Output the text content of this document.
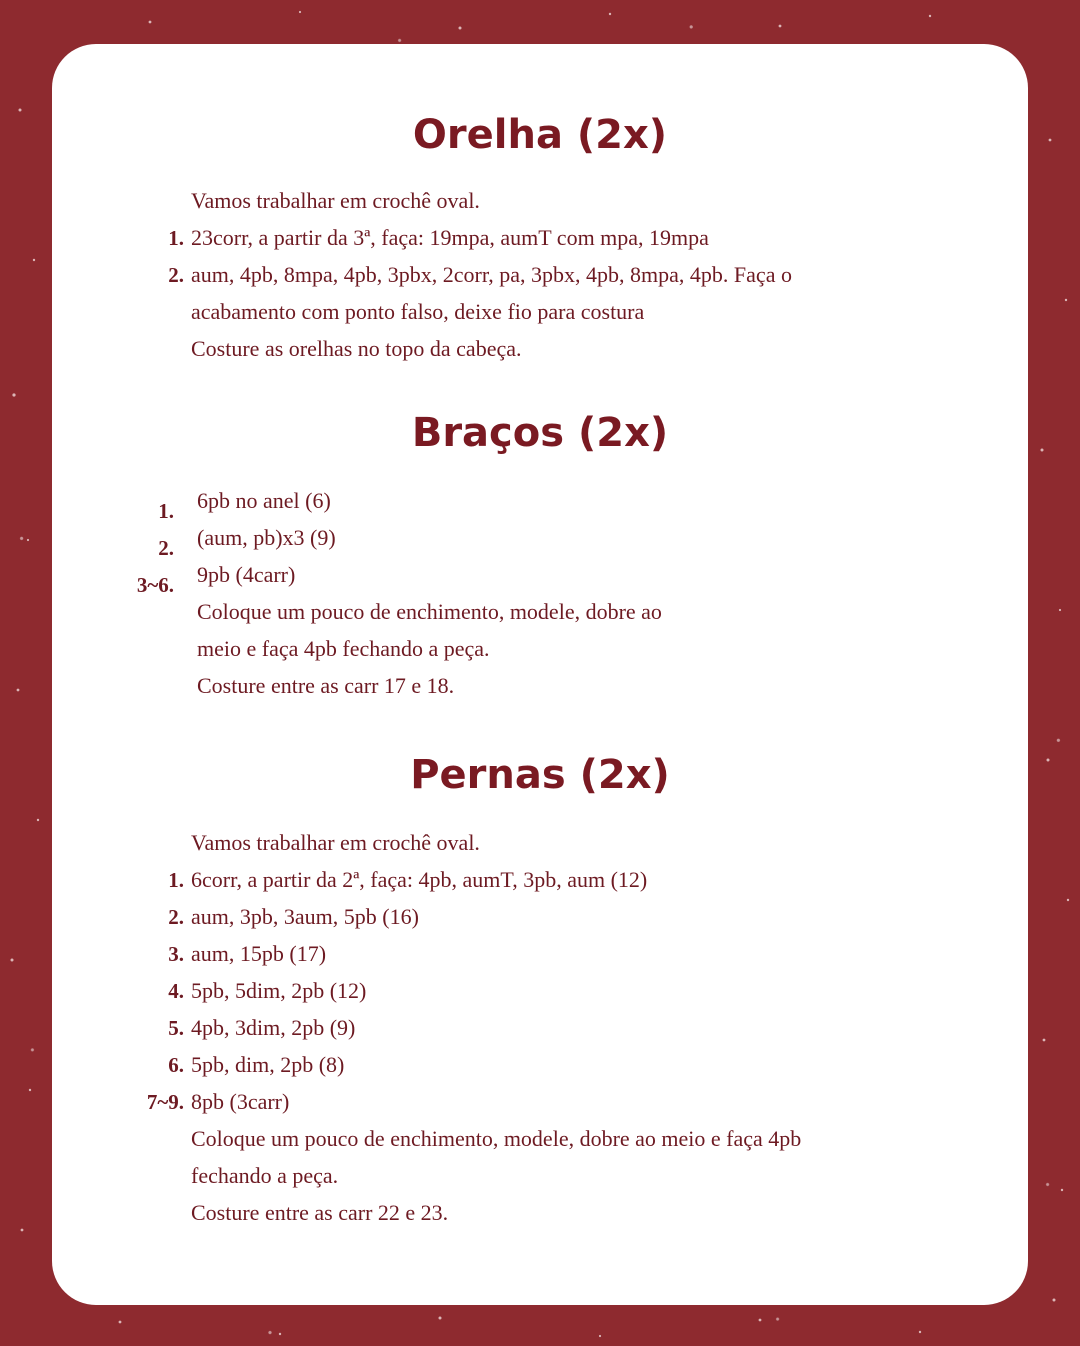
Orelha (2x)

Vamos trabalhar em crochê oval.

1. 23corr, a partir da 3ª, faça: 19mpa, aumT com mpa, 19mpa

2. aum, 4pb, 8mpa, 4pb, 3pbx, 2corr, pa, 3pbx, 4pb, 8mpa, 4pb. Faça o

acabamento com ponto falso, deixe fio para costura

Costure as orelhas no topo da cabeça.

Braços (2x)

1. 6pb no anel (6)

2. (aum, pb)x3 (9)

3~6. 9pb (4carr)

Coloque um pouco de enchimento, modele, dobre ao

meio e faça 4pb fechando a peça.

Costure entre as carr 17 e 18.

Pernas (2x)

Vamos trabalhar em crochê oval.

1. 6corr, a partir da 2ª, faça: 4pb, aumT, 3pb, aum (12)

2. aum, 3pb, 3aum, 5pb (16)

3. aum, 15pb (17)

4. 5pb, 5dim, 2pb (12)

5. 4pb, 3dim, 2pb (9)

6. 5pb, dim, 2pb (8)

7~9. 8pb (3carr)

Coloque um pouco de enchimento, modele, dobre ao meio e faça 4pb

fechando a peça.

Costure entre as carr 22 e 23.
